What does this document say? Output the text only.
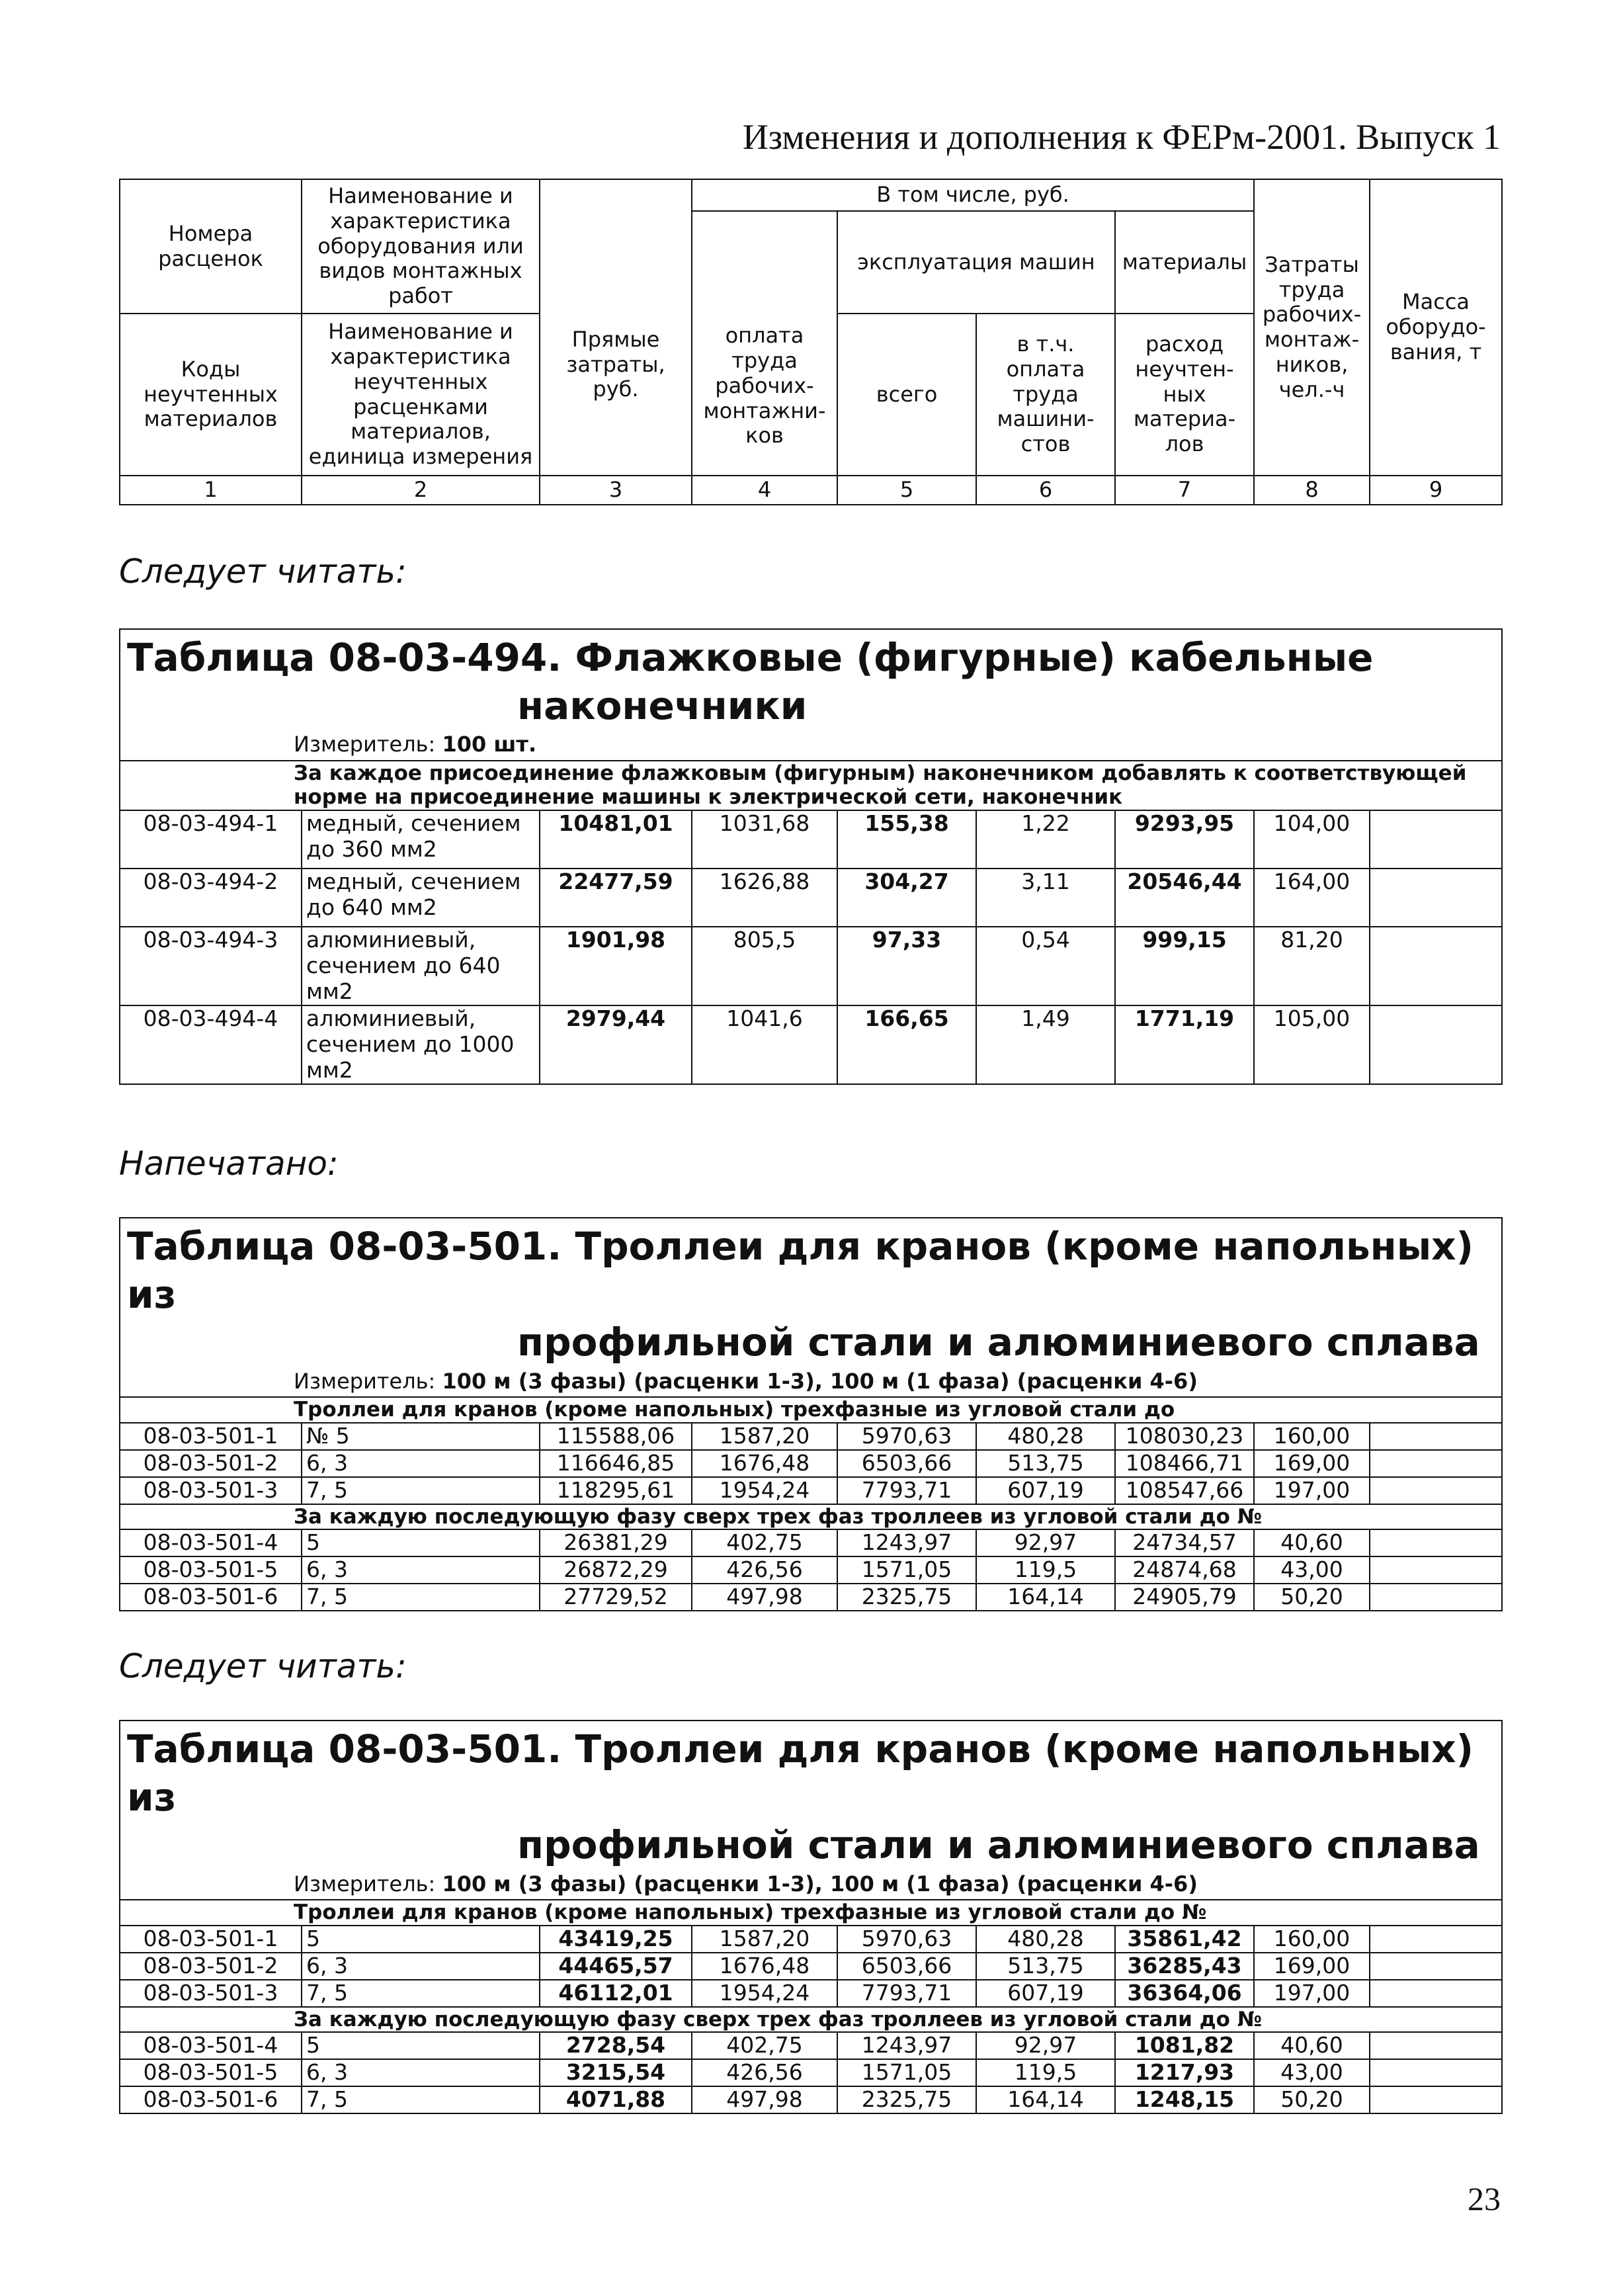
Изменения и дополнения к ФЕРм-2001. Выпуск 1
Номера расценок	Наименование и характеристика оборудования или видов монтажных работ	Прямые затраты, руб.	В том числе, руб.				Затраты труда рабочих-монтаж-ников, чел.-ч	Масса оборудо-вания, т
			оплата труда рабочих-монтажни-ков	эксплуатация машин		материалы		
Коды неучтенных материалов	Наименование и характеристика неучтенных расценками материалов, единица измерения			всего	в т.ч. оплата труда машини-стов	расход неучтен-ных материа-лов		
1	2	3	4	5	6	7	8	9
Следует читать:
Таблица 08-03-494. Флажковые (фигурные) кабельные
наконечники								

Измеритель: 100 шт.								
За каждое присоединение флажковым (фигурным) наконечником добавлять к соответствующей норме на присоединение машины к электрической сети, наконечник								
08-03-494-1	медный, сечением до 360 мм2	10481,01	1031,68	155,38	1,22	9293,95	104,00	
08-03-494-2	медный, сечением до 640 мм2	22477,59	1626,88	304,27	3,11	20546,44	164,00	
08-03-494-3	алюминиевый, сечением до 640 мм2	1901,98	805,5	97,33	0,54	999,15	81,20	
08-03-494-4	алюминиевый, сечением до 1000 мм2	2979,44	1041,6	166,65	1,49	1771,19	105,00	
Напечатано:
Таблица 08-03-501. Троллеи для кранов (кроме напольных) из
профильной стали и алюминиевого сплава								

Измеритель: 100 м (3 фазы) (расценки 1-3), 100 м (1 фаза) (расценки 4-6)								
Троллеи для кранов (кроме напольных) трехфазные из угловой стали до								
08-03-501-1	№ 5	115588,06	1587,20	5970,63	480,28	108030,23	160,00	
08-03-501-2	6, 3	116646,85	1676,48	6503,66	513,75	108466,71	169,00	
08-03-501-3	7, 5	118295,61	1954,24	7793,71	607,19	108547,66	197,00	
За каждую последующую фазу сверх трех фаз троллеев из угловой стали до №								
08-03-501-4	5	26381,29	402,75	1243,97	92,97	24734,57	40,60	
08-03-501-5	6, 3	26872,29	426,56	1571,05	119,5	24874,68	43,00	
08-03-501-6	7, 5	27729,52	497,98	2325,75	164,14	24905,79	50,20	
Следует читать:
Таблица 08-03-501. Троллеи для кранов (кроме напольных) из
профильной стали и алюминиевого сплава								

Измеритель: 100 м (3 фазы) (расценки 1-3), 100 м (1 фаза) (расценки 4-6)								
Троллеи для кранов (кроме напольных) трехфазные из угловой стали до №								
08-03-501-1	5	43419,25	1587,20	5970,63	480,28	35861,42	160,00	
08-03-501-2	6, 3	44465,57	1676,48	6503,66	513,75	36285,43	169,00	
08-03-501-3	7, 5	46112,01	1954,24	7793,71	607,19	36364,06	197,00	
За каждую последующую фазу сверх трех фаз троллеев из угловой стали до №								
08-03-501-4	5	2728,54	402,75	1243,97	92,97	1081,82	40,60	
08-03-501-5	6, 3	3215,54	426,56	1571,05	119,5	1217,93	43,00	
08-03-501-6	7, 5	4071,88	497,98	2325,75	164,14	1248,15	50,20	
23
